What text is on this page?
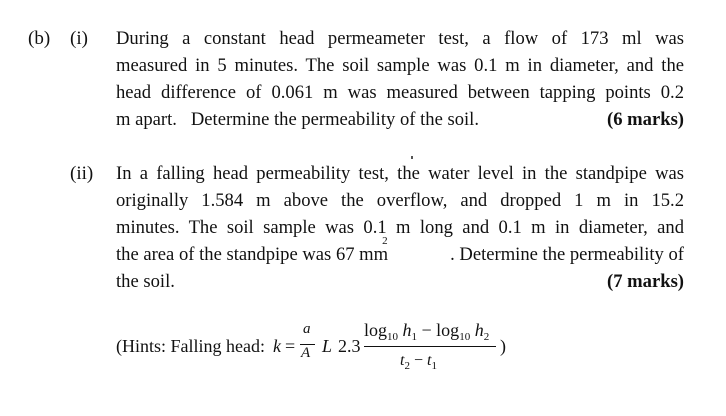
(b) (i) During a constant head permeameter test, a flow of 173 ml was
measured in 5 minutes. The soil sample was 0.1 m in diameter, and the
head difference of 0.061 m was measured between tapping points 0.2
m apart.   Determine the permeability of the soil.	(6 marks)
(ii) In a falling head permeability test, the water level in the standpipe was
originally 1.584 m above the overflow, and dropped 1 m in 15.2
minutes. The soil sample was 0.1 m long and 0.1 m in diameter, and
the area of the standpipe was 67 mm
2
. Determine the permeability of
the soil.	(7 marks)
(Hints: Falling head: k =
a
A L 2.3
$\log_{10} h_1 - \log_{10} h_2$
$t_2 - t_1$
)
